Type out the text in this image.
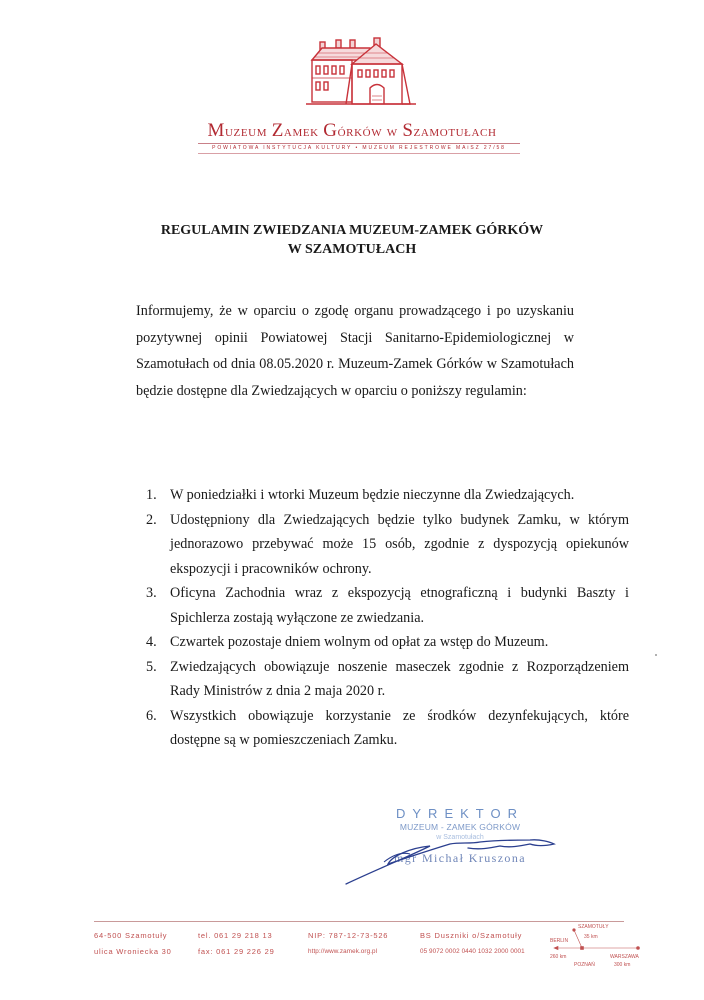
Muzeum Zamek Górków w Szamotułach
POWIATOWA INSTYTUCJA KULTURY • MUZEUM REJESTROWE MAiSZ 27/58
REGULAMIN ZWIEDZANIA MUZEUM-ZAMEK GÓRKÓW
W SZAMOTUŁACH

Informujemy, że w oparciu o zgodę organu prowadzącego i po uzyskaniu pozytywnej opinii Powiatowej Stacji Sanitarno-Epidemiologicznej w Szamotułach od dnia 08.05.2020 r. Muzeum-Zamek Górków w Szamotułach będzie dostępne dla Zwiedzających w oparciu o poniższy regulamin:

1. W poniedziałki i wtorki Muzeum będzie nieczynne dla Zwiedzających.
2. Udostępniony dla Zwiedzających będzie tylko budynek Zamku, w którym jednorazowo przebywać może 15 osób, zgodnie z dyspozycją opiekunów ekspozycji i pracowników ochrony.
3. Oficyna Zachodnia wraz z ekspozycją etnograficzną i budynki Baszty i Spichlerza zostają wyłączone ze zwiedzania.
4. Czwartek pozostaje dniem wolnym od opłat za wstęp do Muzeum.
5. Zwiedzających obowiązuje noszenie maseczek zgodnie z Rozporządzeniem Rady Ministrów z dnia 2 maja 2020 r.
6. Wszystkich obowiązuje korzystanie ze środków dezynfekujących, które dostępne są w pomieszczeniach Zamku.
DYREKTOR
MUZEUM - ZAMEK GÓRKÓW
w Szamotułach
mgr Michał Kruszona
64-500 Szamotuły
ulica Wroniecka 30
tel. 061 29 218 13
fax: 061 29 226 29
NIP: 787-12-73-526
http://www.zamek.org.pl
BS Duszniki o/Szamotuły
05 9072 0002 0440 1032 2000 0001
SZAMOTUŁY
35 km
BERLIN
260 km
POZNAŃ
WARSZAWA
300 km
